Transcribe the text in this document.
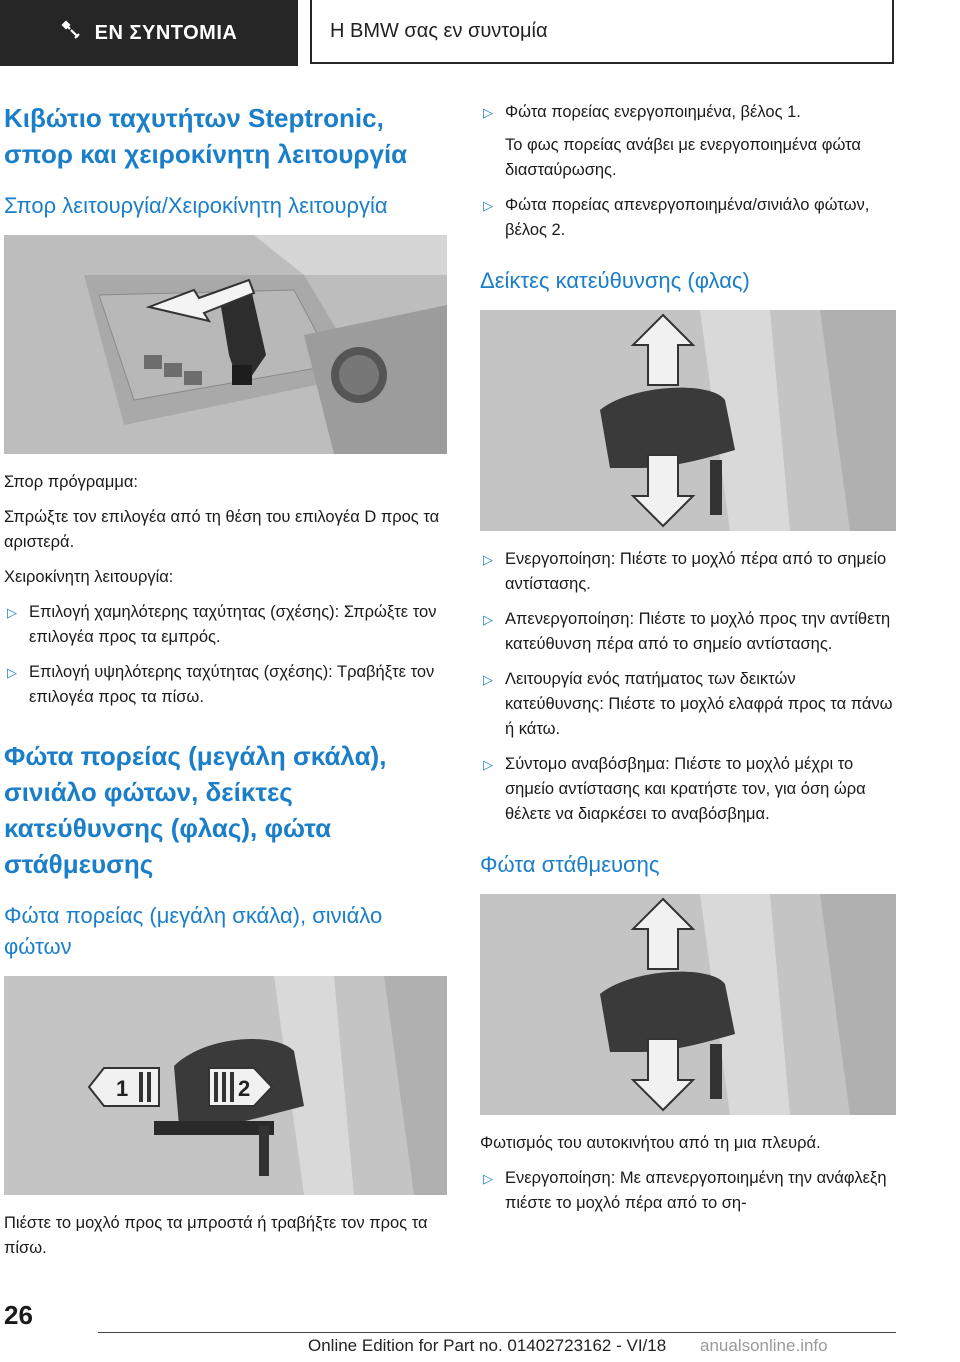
ΕΝ ΣΥΝΤΟΜΙΑ	Η BMW σας εν συντομία
Κιβώτιο ταχυτήτων Steptronic, σπορ και χειροκίνητη λειτουργία
Σπορ λειτουργία/Χειροκίνητη λειτουργία

Σπορ πρόγραμμα:

Σπρώξτε τον επιλογέα από τη θέση του επιλογέα D προς τα αριστερά.

Χειροκίνητη λειτουργία:

▷ Επιλογή χαμηλότερης ταχύτητας (σχέσης): Σπρώξτε τον επιλογέα προς τα εμπρός.
▷ Επιλογή υψηλότερης ταχύτητας (σχέσης): Τραβήξτε τον επιλογέα προς τα πίσω.
Φώτα πορείας (μεγάλη σκάλα), σινιάλο φώτων, δείκτες κατεύθυνσης (φλας), φώτα στάθμευσης
Φώτα πορείας (μεγάλη σκάλα), σινιάλο φώτων
1	2

Πιέστε το μοχλό προς τα μπροστά ή τραβήξτε τον προς τα πίσω.

▷ Φώτα πορείας ενεργοποιημένα, βέλος 1.

Το φως πορείας ανάβει με ενεργοποιημένα φώτα διασταύρωσης.

▷ Φώτα πορείας απενεργοποιημένα/σινιάλο φώτων, βέλος 2.
Δείκτες κατεύθυνσης (φλας)
▷ Ενεργοποίηση: Πιέστε το μοχλό πέρα από το σημείο αντίστασης.
▷ Απενεργοποίηση: Πιέστε το μοχλό προς την αντίθετη κατεύθυνση πέρα από το σημείο αντίστασης.
▷ Λειτουργία ενός πατήματος των δεικτών κατεύθυνσης: Πιέστε το μοχλό ελαφρά προς τα πάνω ή κάτω.
▷ Σύντομο αναβόσβημα: Πιέστε το μοχλό μέχρι το σημείο αντίστασης και κρατήστε τον, για όση ώρα θέλετε να διαρκέσει το αναβόσβημα.
Φώτα στάθμευσης

Φωτισμός του αυτοκινήτου από τη μια πλευρά.

▷ Ενεργοποίηση: Με απενεργοποιημένη την ανάφλεξη πιέστε το μοχλό πέρα από το ση-
26
Online Edition for Part no. 01402723162 - VI/18 anualsonline.info
